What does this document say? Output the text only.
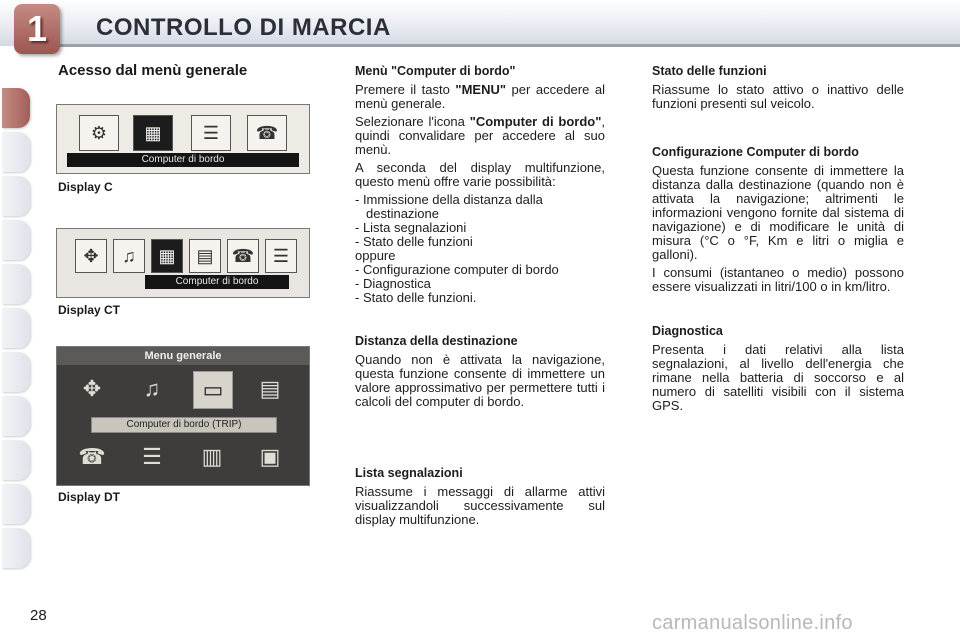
1	CONTROLLO DI MARCIA
Acesso dal menù generale
⚙	▦	☰	☎
Computer di bordo
Display C
✥	♫	▦	▤	☎	☰
Computer di bordo
Display CT
Menu generale
✥	♫	▭	▤
Computer di bordo (TRIP)
☎	☰	▥	▣
Display DT
Menù "Computer di bordo"

Premere il tasto "MENU" per accedere al menù generale.

Selezionare l'icona "Computer di bordo", quindi convalidare per accedere al suo menù.

A seconda del display multifunzione, questo menù offre varie possibilità:

- Immissione della distanza dalla destinazione

- Lista segnalazioni

- Stato delle funzioni

oppure

- Configurazione computer di bordo

- Diagnostica

- Stato delle funzioni.

Distanza della destinazione

Quando non è attivata la navigazione, questa funzione consente di immettere un valore approssimativo per permettere tutti i calcoli del computer di bordo.

Lista segnalazioni

Riassume i messaggi di allarme attivi visualizzandoli successivamente sul display multifunzione.

Stato delle funzioni

Riassume lo stato attivo o inattivo delle funzioni presenti sul veicolo.

Configurazione Computer di bordo

Questa funzione consente di immettere la distanza dalla destinazione (quando non è attivata la navigazione; altrimenti le informazioni vengono fornite dal sistema di navigazione) e di modificare le unità di misura (°C o °F, Km e litri o miglia e galloni).

I consumi (istantaneo o medio) possono essere visualizzati in litri/100 o in km/litro.

Diagnostica

Presenta i dati relativi alla lista segnalazioni, al livello dell'energia che rimane nella batteria di soccorso e al numero di satelliti visibili con il sistema GPS.

28	carmanualsonline.info
